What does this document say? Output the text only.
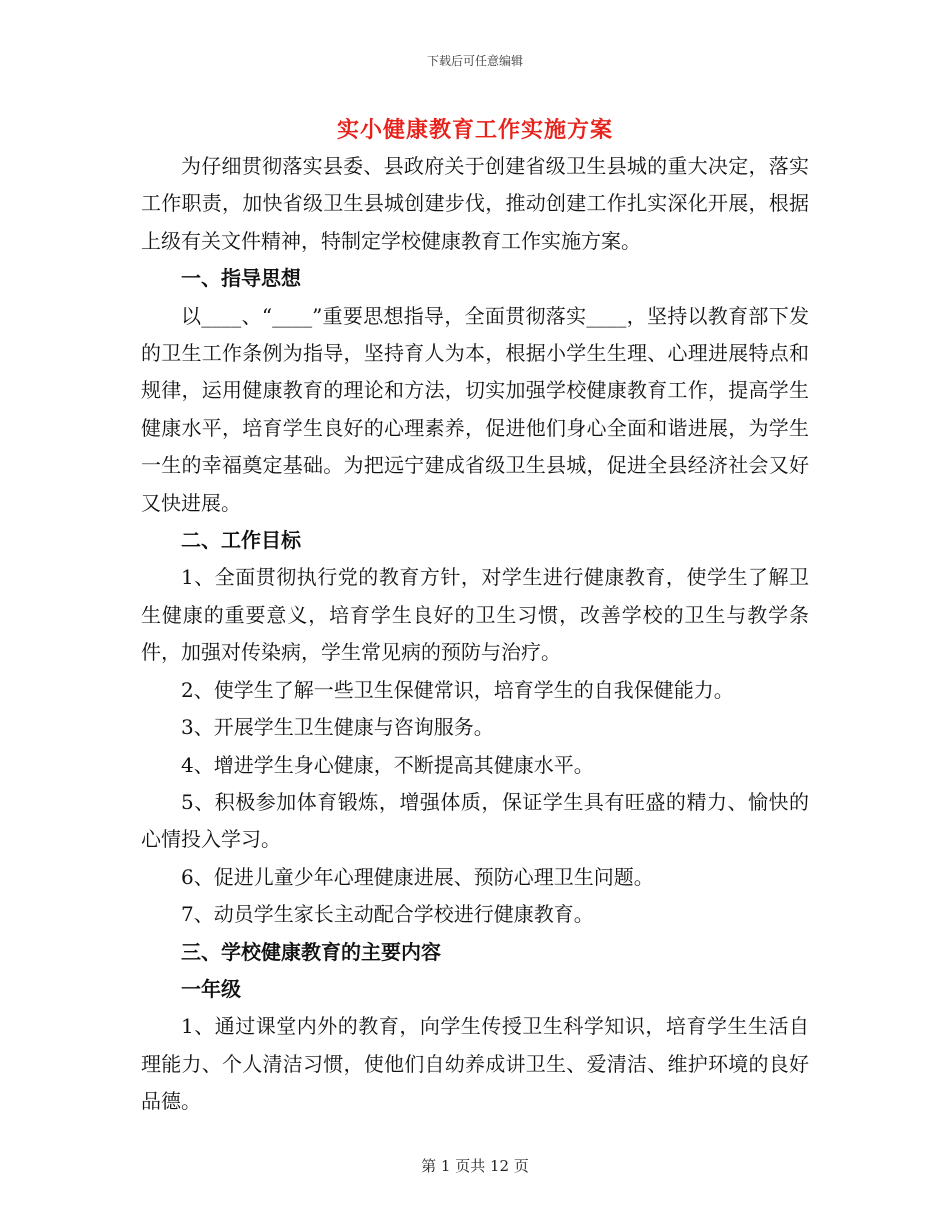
下载后可任意编辑
实小健康教育工作实施方案

为仔细贯彻落实县委、县政府关于创建省级卫生县城的重大决定，落实工作职责，加快省级卫生县城创建步伐，推动创建工作扎实深化开展，根据上级有关文件精神，特制定学校健康教育工作实施方案。

一、指导思想

以____、“____”重要思想指导，全面贯彻落实____，坚持以教育部下发的卫生工作条例为指导，坚持育人为本，根据小学生生理、心理进展特点和规律，运用健康教育的理论和方法，切实加强学校健康教育工作，提高学生健康水平，培育学生良好的心理素养，促进他们身心全面和谐进展，为学生一生的幸福奠定基础。为把远宁建成省级卫生县城，促进全县经济社会又好又快进展。

二、工作目标

1、全面贯彻执行党的教育方针，对学生进行健康教育，使学生了解卫生健康的重要意义，培育学生良好的卫生习惯，改善学校的卫生与教学条件，加强对传染病，学生常见病的预防与治疗。

2、使学生了解一些卫生保健常识，培育学生的自我保健能力。

3、开展学生卫生健康与咨询服务。

4、增进学生身心健康，不断提高其健康水平。

5、积极参加体育锻炼，增强体质，保证学生具有旺盛的精力、愉快的心情投入学习。

6、促进儿童少年心理健康进展、预防心理卫生问题。

7、动员学生家长主动配合学校进行健康教育。

三、学校健康教育的主要内容
一年级

1、通过课堂内外的教育，向学生传授卫生科学知识，培育学生生活自理能力、个人清洁习惯，使他们自幼养成讲卫生、爱清洁、维护环境的良好品德。

第 1 页共 12 页
